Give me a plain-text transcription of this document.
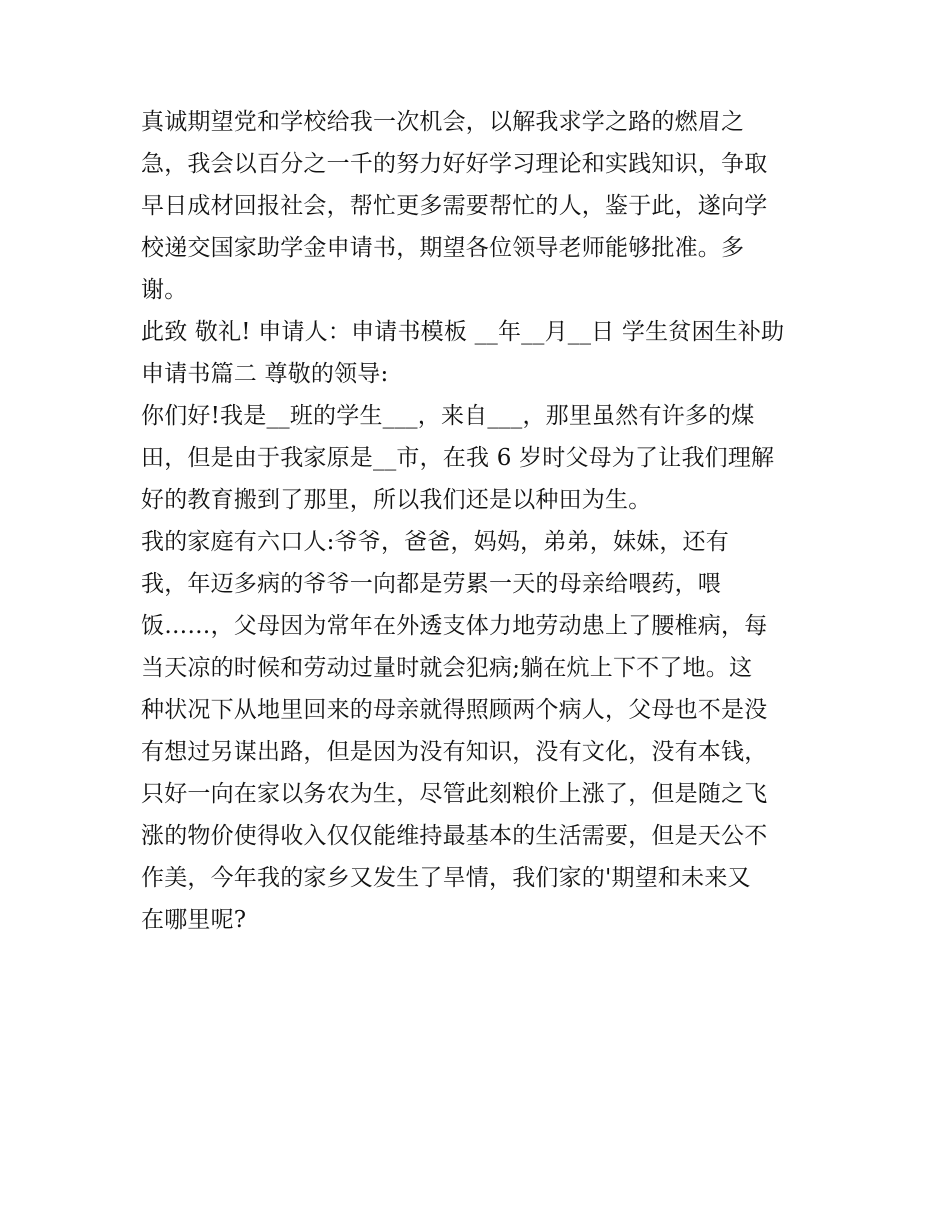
真诚期望党和学校给我一次机会，以解我求学之路的燃眉之
急，我会以百分之一千的努力好好学习理论和实践知识，争取
早日成材回报社会，帮忙更多需要帮忙的人，鉴于此，遂向学
校递交国家助学金申请书，期望各位领导老师能够批准。多
谢。
此致 敬礼! 申请人：申请书模板 __年__月__日 学生贫困生补助
申请书篇二 尊敬的领导:
你们好!我是__班的学生___，来自___，那里虽然有许多的煤
田，但是由于我家原是__市，在我 6 岁时父母为了让我们理解
好的教育搬到了那里，所以我们还是以种田为生。
我的家庭有六口人:爷爷，爸爸，妈妈，弟弟，妹妹，还有
我，年迈多病的爷爷一向都是劳累一天的母亲给喂药，喂
饭……，父母因为常年在外透支体力地劳动患上了腰椎病，每
当天凉的时候和劳动过量时就会犯病;躺在炕上下不了地。这
种状况下从地里回来的母亲就得照顾两个病人，父母也不是没
有想过另谋出路，但是因为没有知识，没有文化，没有本钱，
只好一向在家以务农为生，尽管此刻粮价上涨了，但是随之飞
涨的物价使得收入仅仅能维持最基本的生活需要，但是天公不
作美，今年我的家乡又发生了旱情，我们家的'期望和未来又
在哪里呢?
